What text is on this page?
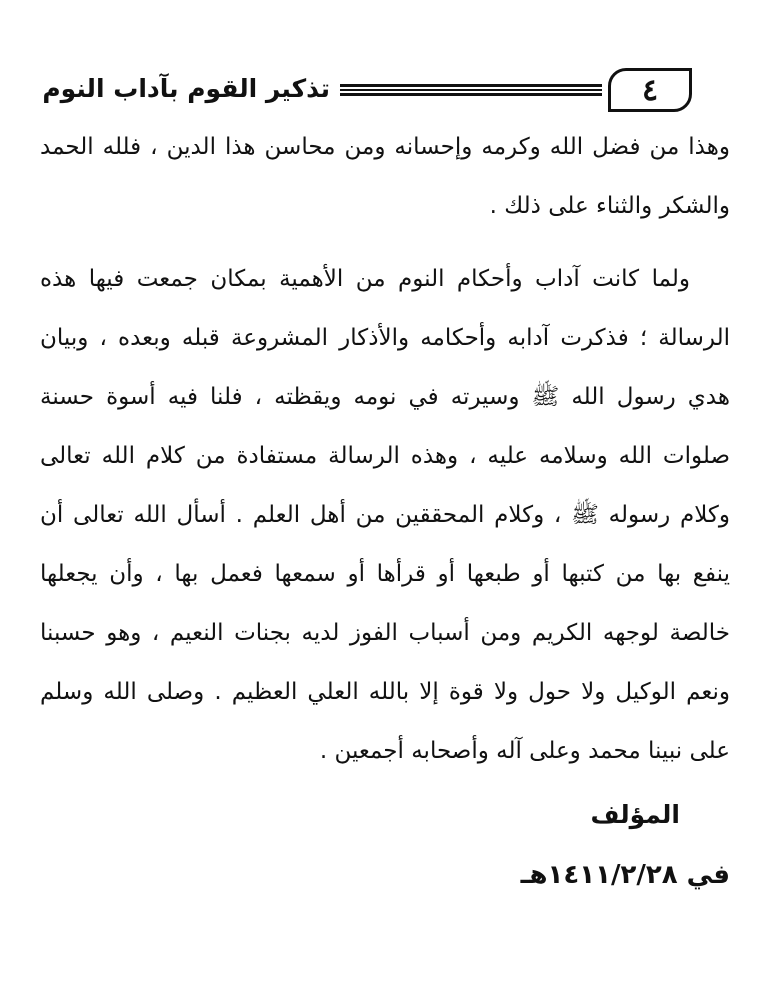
٤
تذكير القوم بآداب النوم

وهذا من فضل الله وكرمه وإحسانه ومن محاسن هذا الدين ، فلله الحمد والشكر والثناء على ذلك .

ولما كانت آداب وأحكام النوم من الأهمية بمكان جمعت فيها هذه الرسالة ؛ فذكرت آدابه وأحكامه والأذكار المشروعة قبله وبعده ، وبيان هدي رسول الله ﷺ وسيرته في نومه ويقظته ، فلنا فيه أسوة حسنة صلوات الله وسلامه عليه ، وهذه الرسالة مستفادة من كلام الله تعالى وكلام رسوله ﷺ ، وكلام المحققين من أهل العلم . أسأل الله تعالى أن ينفع بها من كتبها أو طبعها أو قرأها أو سمعها فعمل بها ، وأن يجعلها خالصة لوجهه الكريم ومن أسباب الفوز لديه بجنات النعيم ، وهو حسبنا ونعم الوكيل ولا حول ولا قوة إلا بالله العلي العظيم . وصلى الله وسلم على نبينا محمد وعلى آله وأصحابه أجمعين .

المؤلف
في ١٤١١/٢/٢٨هـ
